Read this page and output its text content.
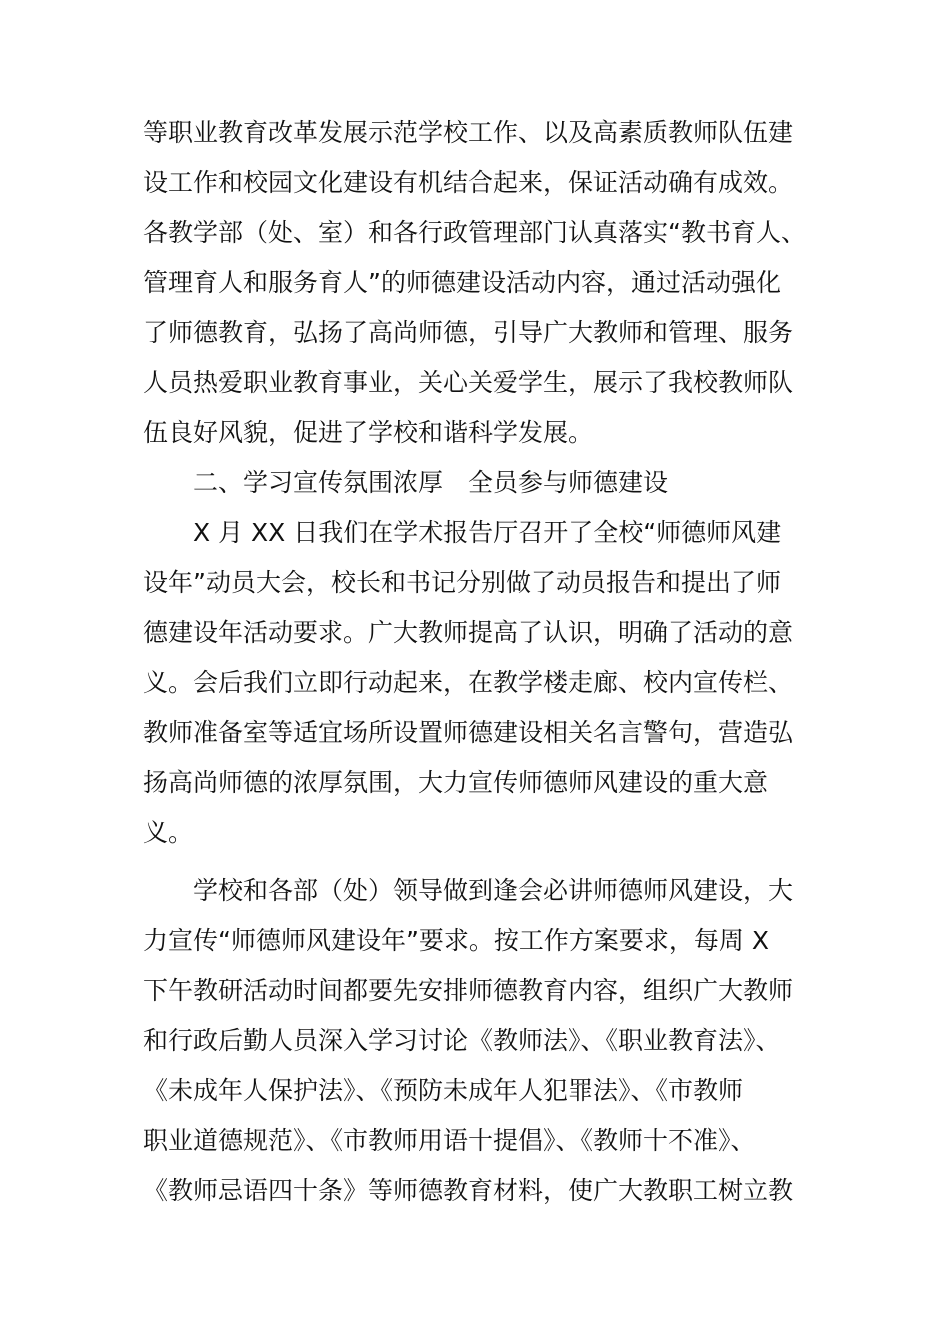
等职业教育改革发展示范学校工作、以及高素质教师队伍建
设工作和校园文化建设有机结合起来，保证活动确有成效。
各教学部（处、室）和各行政管理部门认真落实“教书育人、
管理育人和服务育人”的师德建设活动内容，通过活动强化
了师德教育，弘扬了高尚师德，引导广大教师和管理、服务
人员热爱职业教育事业，关心关爱学生，展示了我校教师队
伍良好风貌，促进了学校和谐科学发展。
二、学习宣传氛围浓厚　全员参与师德建设
X 月 XX 日我们在学术报告厅召开了全校“师德师风建
设年”动员大会，校长和书记分别做了动员报告和提出了师
德建设年活动要求。广大教师提高了认识，明确了活动的意
义。会后我们立即行动起来，在教学楼走廊、校内宣传栏、
教师准备室等适宜场所设置师德建设相关名言警句，营造弘
扬高尚师德的浓厚氛围，大力宣传师德师风建设的重大意
义。
学校和各部（处）领导做到逢会必讲师德师风建设，大
力宣传“师德师风建设年”要求。按工作方案要求，每周 X
下午教研活动时间都要先安排师德教育内容，组织广大教师
和行政后勤人员深入学习讨论《教师法》、《职业教育法》、
《未成年人保护法》、《预防未成年人犯罪法》、《市教师
职业道德规范》、《市教师用语十提倡》、《教师十不准》、
《教师忌语四十条》等师德教育材料，使广大教职工树立教
